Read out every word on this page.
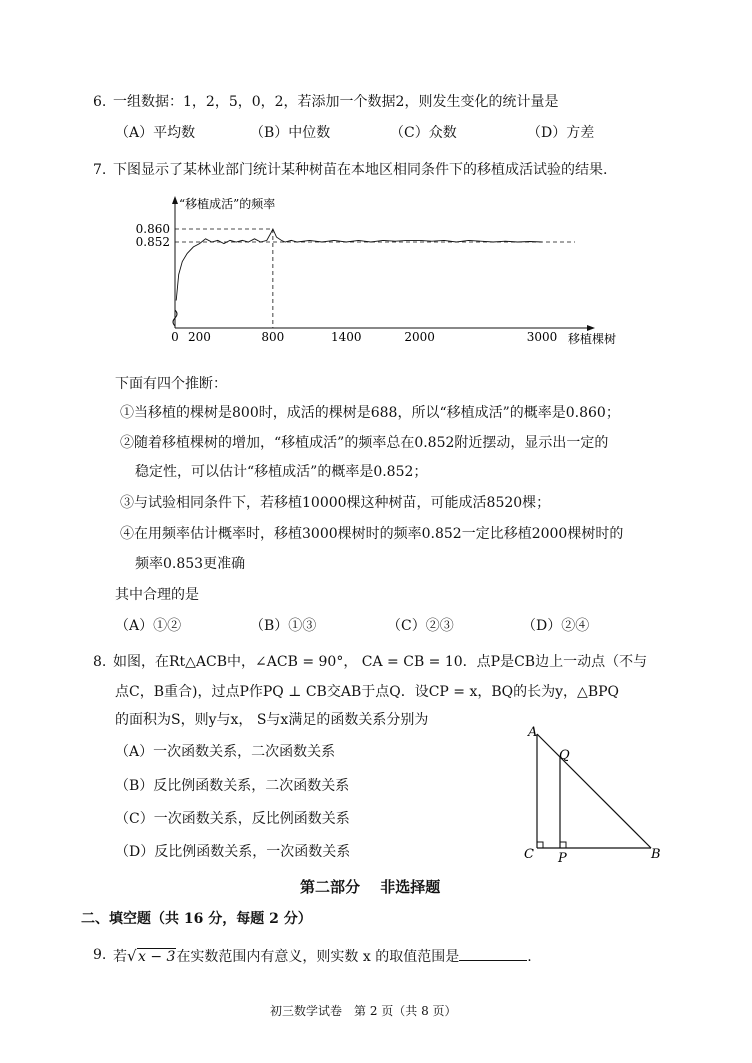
6. 一组数据：1，2，5，0，2，若添加一个数据2，则发生变化的统计量是
（A）平均数	（B）中位数	（C）众数	（D）方差
7. 下图显示了某林业部门统计某种树苗在本地区相同条件下的移植成活试验的结果.
0.852
0.860
0 200	800	1400	2000	3000
“移植成活”的频率
移植棵树
下面有四个推断：
①当移植的棵树是800时，成活的棵树是688，所以“移植成活”的概率是0.860；
②随着移植棵树的增加，“移植成活”的频率总在0.852附近摆动，显示出一定的
稳定性，可以估计“移植成活”的概率是0.852；
③与试验相同条件下，若移植10000棵这种树苗，可能成活8520棵；
④在用频率估计概率时，移植3000棵树时的频率0.852一定比移植2000棵树时的
频率0.853更准确
其中合理的是
（A）①②	（B）①③	（C）②③	（D）②④
8. 如图，在Rt△ACB中，∠ACB = 90°， CA = CB = 10．点P是CB边上一动点（不与
点C，B重合)，过点P作PQ ⊥ CB交AB于点Q．设CP = x，BQ的长为y，△BPQ
的面积为S，则y与x， S与x满足的函数关系分别为
（A）一次函数关系，二次函数关系
（B）反比例函数关系，二次函数关系
（C）一次函数关系，反比例函数关系
（D）反比例函数关系，一次函数关系
A
Q
C P	B
第二部分　 非选择题
二、填空题（共 16 分，每题 2 分）
9. 若 √ x − 3在实数范围内有意义，则实数 x 的取值范围是	.
初三数学试卷　第 2 页（共 8 页）
